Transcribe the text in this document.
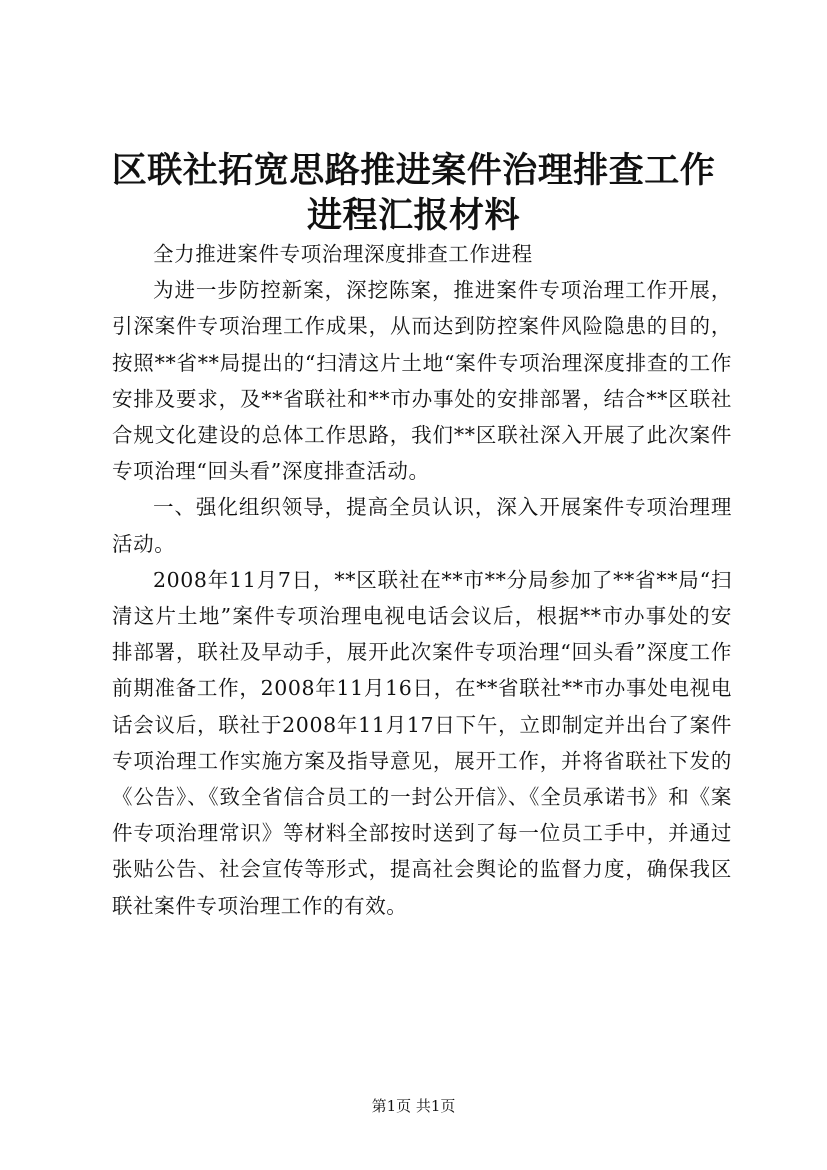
区联社拓宽思路推进案件治理排查工作进程汇报材料

全力推进案件专项治理深度排查工作进程

为进一步防控新案，深挖陈案，推进案件专项治理工作开展，引深案件专项治理工作成果，从而达到防控案件风险隐患的目的，按照**省**局提出的“扫清这片土地“案件专项治理深度排查的工作安排及要求，及**省联社和**市办事处的安排部署，结合**区联社合规文化建设的总体工作思路，我们**区联社深入开展了此次案件专项治理“回头看”深度排查活动。

一、强化组织领导，提高全员认识，深入开展案件专项治理理活动。

2008年11月7日，**区联社在**市**分局参加了**省**局“扫清这片土地”案件专项治理电视电话会议后，根据**市办事处的安排部署，联社及早动手，展开此次案件专项治理“回头看”深度工作前期准备工作，2008年11月16日，在**省联社**市办事处电视电话会议后，联社于2008年11月17日下午，立即制定并出台了案件专项治理工作实施方案及指导意见，展开工作，并将省联社下发的《公告》、《致全省信合员工的一封公开信》、《全员承诺书》和《案件专项治理常识》等材料全部按时送到了每一位员工手中，并通过张贴公告、社会宣传等形式，提高社会舆论的监督力度，确保我区联社案件专项治理工作的有效。

第1页 共1页
